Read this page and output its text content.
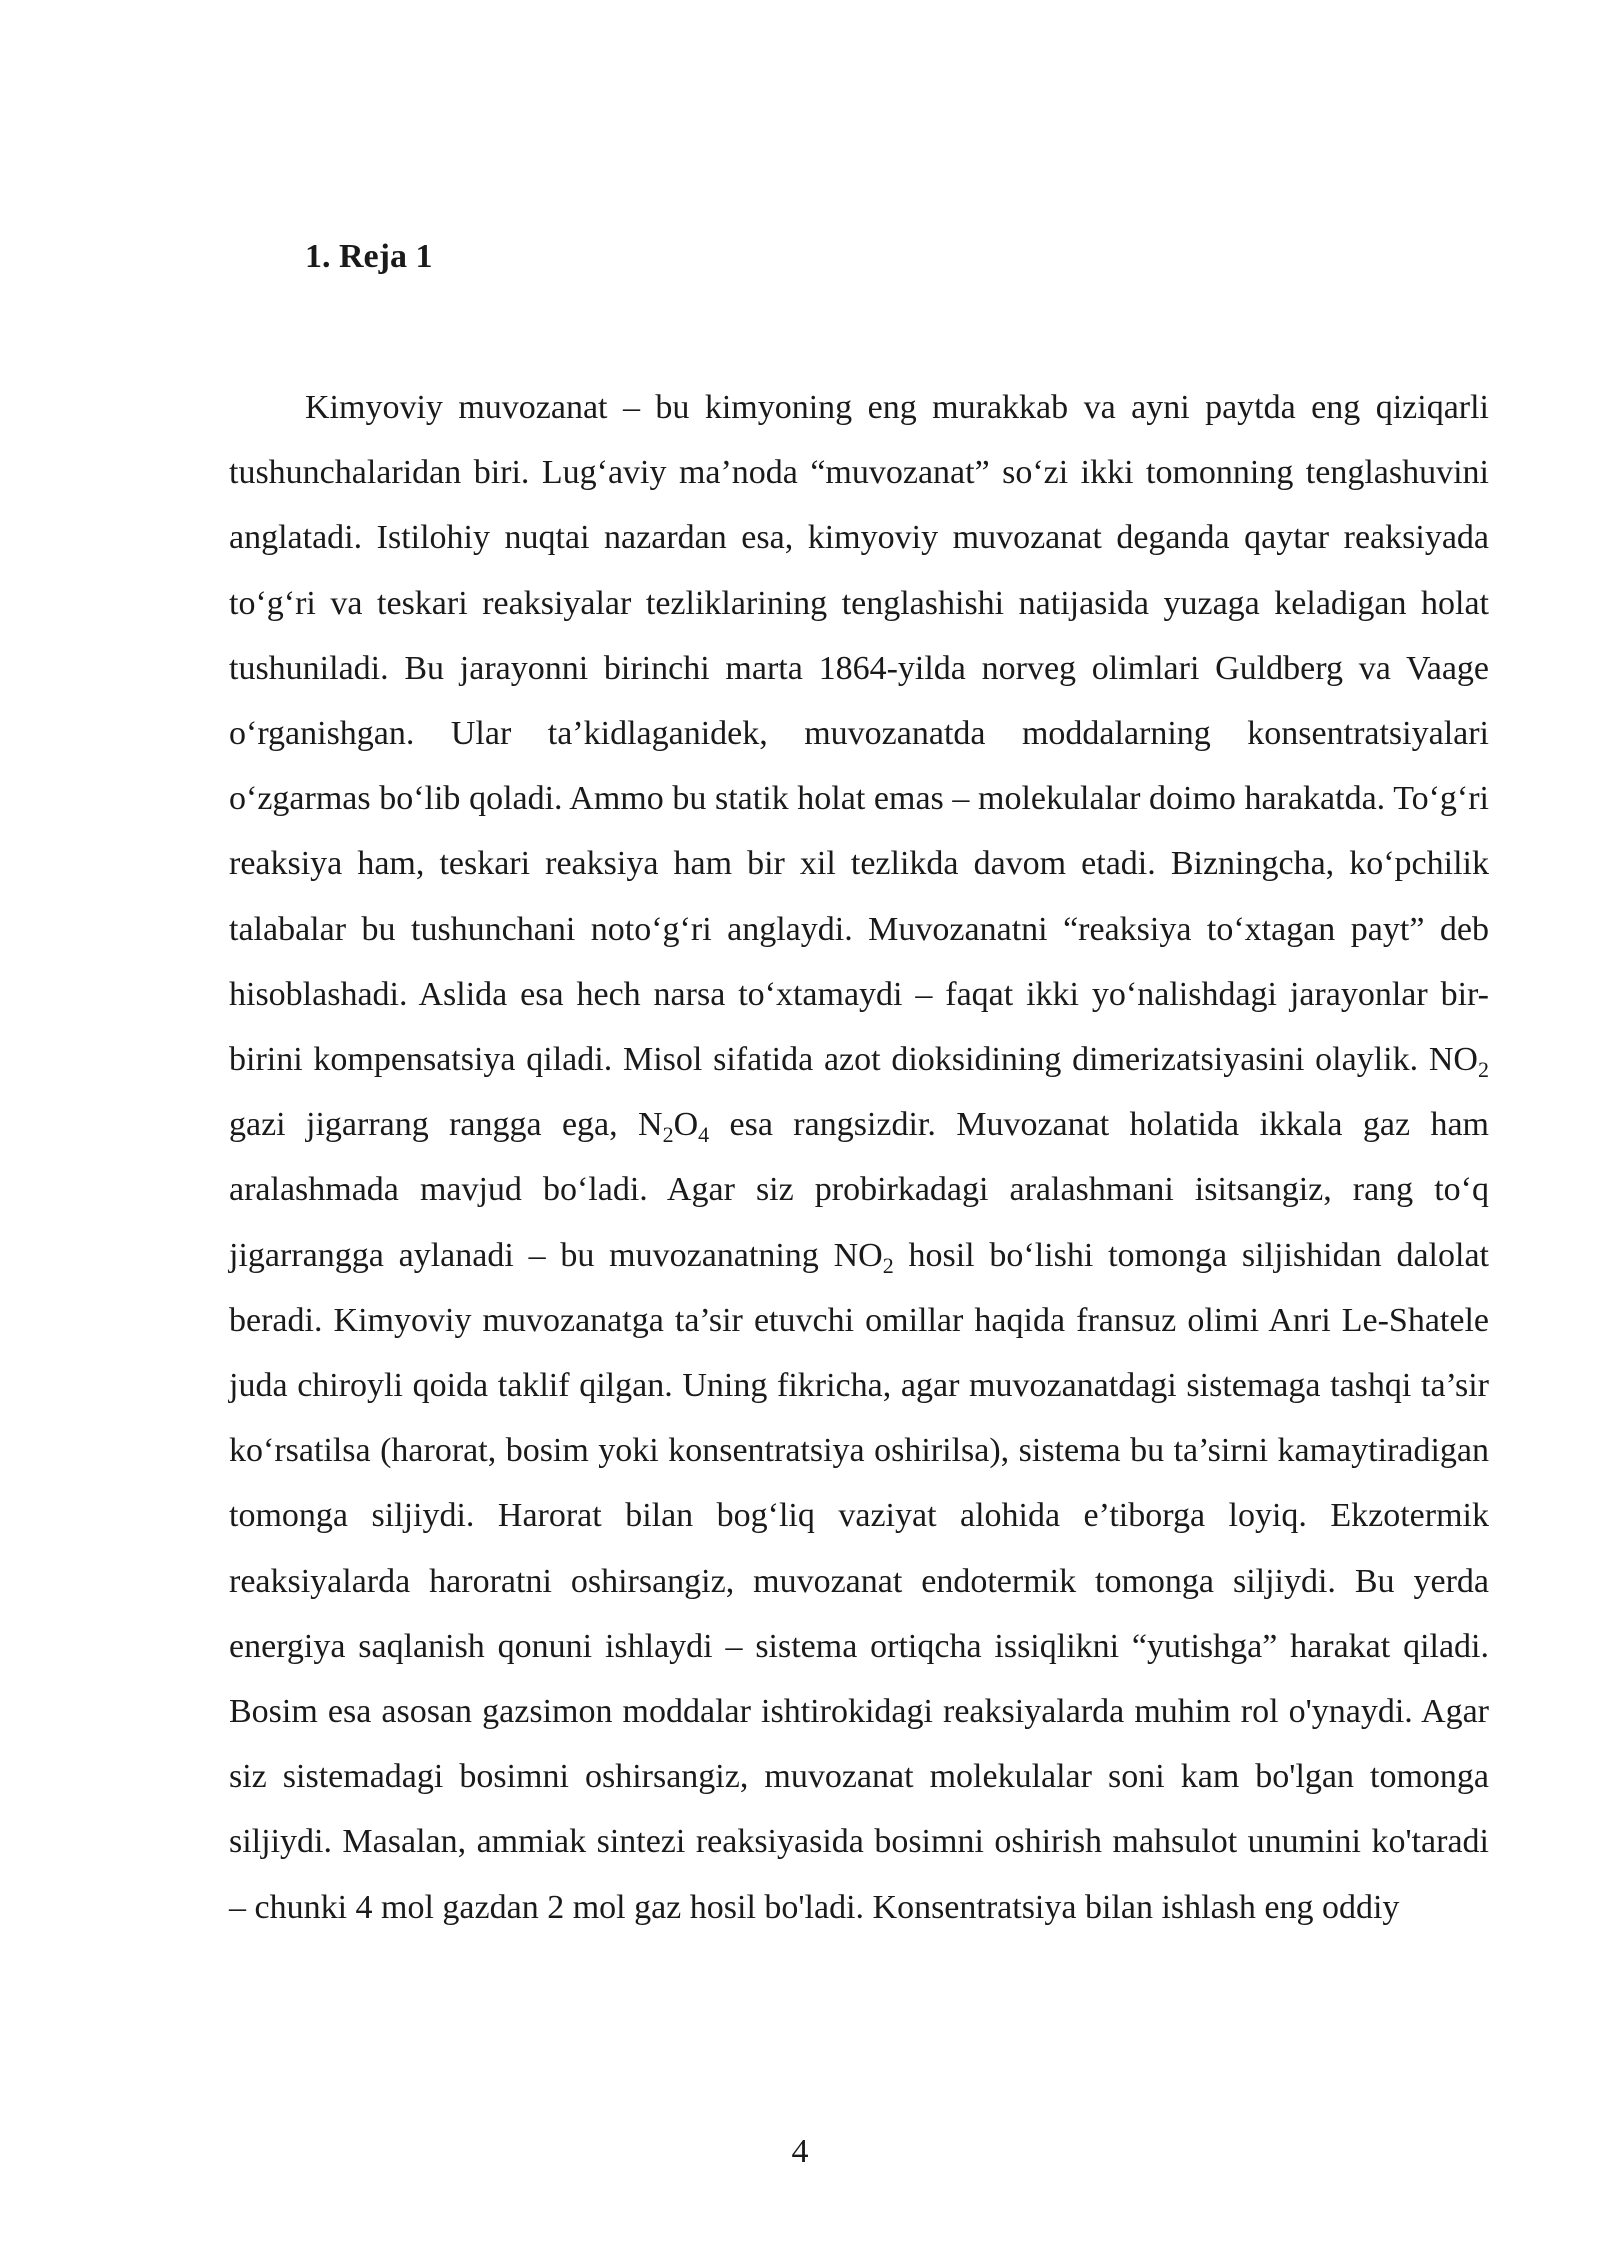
1. Reja 1

Kimyoviy muvozanat – bu kimyoning eng murakkab va ayni paytda eng qiziqarli tushunchalaridan biri. Lug‘aviy ma’noda “muvozanat” so‘zi ikki tomonning tenglashuvini anglatadi. Istilohiy nuqtai nazardan esa, kimyoviy muvozanat deganda qaytar reaksiyada to‘g‘ri va teskari reaksiyalar tezliklarining tenglashishi natijasida yuzaga keladigan holat tushuniladi. Bu jarayonni birinchi marta 1864-yilda norveg olimlari Guldberg va Vaage o‘rganishgan. Ular ta’kidlaganidek, muvozanatda moddalarning konsentratsiyalari o‘zgarmas bo‘lib qoladi. Ammo bu statik holat emas – molekulalar doimo harakatda. To‘g‘ri reaksiya ham, teskari reaksiya ham bir xil tezlikda davom etadi. Bizningcha, ko‘pchilik talabalar bu tushunchani noto‘g‘ri anglaydi. Muvozanatni “reaksiya to‘xtagan payt” deb hisoblashadi. Aslida esa hech narsa to‘xtamaydi – faqat ikki yo‘nalishdagi jarayonlar bir-birini kompensatsiya qiladi. Misol sifatida azot dioksidining dimerizatsiyasini olaylik. $NO_2$ gazi jigarrang rangga ega, $N_2O_4$ esa rangsizdir. Muvozanat holatida ikkala gaz ham aralashmada mavjud bo‘ladi. Agar siz probirkadagi aralashmani isitsangiz, rang to‘q jigarrangga aylanadi – bu muvozanatning $NO_2$ hosil bo‘lishi tomonga siljishidan dalolat beradi. Kimyoviy muvozanatga ta’sir etuvchi omillar haqida fransuz olimi Anri Le-Shatele juda chiroyli qoida taklif qilgan. Uning fikricha, agar muvozanatdagi sistemaga tashqi ta’sir ko‘rsatilsa (harorat, bosim yoki konsentratsiya oshirilsa), sistema bu ta’sirni kamaytiradigan tomonga siljiydi. Harorat bilan bog‘liq vaziyat alohida e’tiborga loyiq. Ekzotermik reaksiyalarda haroratni oshirsangiz, muvozanat endotermik tomonga siljiydi. Bu yerda energiya saqlanish qonuni ishlaydi – sistema ortiqcha issiqlikni “yutishga” harakat qiladi. Bosim esa asosan gazsimon moddalar ishtirokidagi reaksiyalarda muhim rol o'ynaydi. Agar siz sistemadagi bosimni oshirsangiz, muvozanat molekulalar soni kam bo'lgan tomonga siljiydi. Masalan, ammiak sintezi reaksiyasida bosimni oshirish mahsulot unumini ko'taradi – chunki 4 mol gazdan 2 mol gaz hosil bo'ladi. Konsentratsiya bilan ishlash eng oddiy

4
